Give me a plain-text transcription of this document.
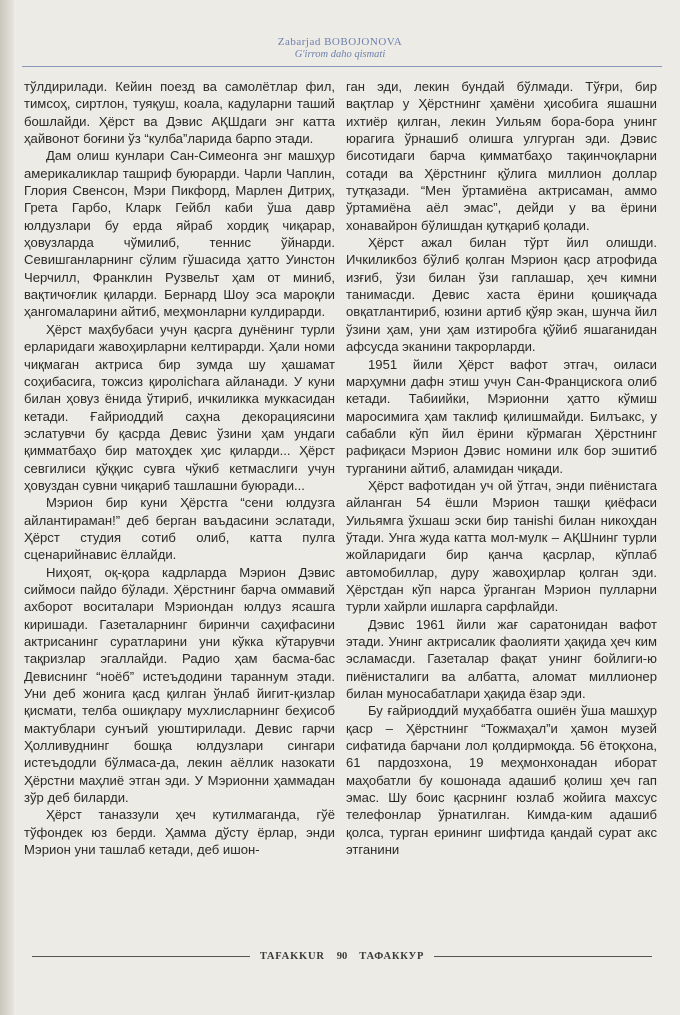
Zabarjad BOBOJONOVA
G'irrom daho qismati

тўлдирилади. Кейин поезд ва самолётлар фил, тимсоҳ, сиртлон, туяқуш, коала, кадуларни таший бошлайди. Ҳёрст ва Дэвис АҚШдаги энг катта ҳайвонот боғини ўз “кулба”ларида барпо этади.

Дам олиш кунлари Сан-Симеонга энг машҳур америкаликлар ташриф буюрарди. Чарли Чаплин, Глория Свенсон, Мэри Пикфорд, Марлен Дитриҳ, Грета Гарбо, Кларк Гейбл каби ўша давр юлдузлари бу ерда яйраб хордиқ чиқарар, ҳовузларда чўмилиб, теннис ўйнарди. Севишганларнинг сўлим гўшасида ҳатто Уинстон Черчилл, Франклин Рузвельт ҳам от миниб, вақтичоғлик қиларди. Бернард Шоу эса мароқли ҳангомаларини айтиб, меҳмонларни кулдирарди.

Ҳёрст маҳбубаси учун қасрга дунёнинг турли ерларидаги жавоҳирларни келтирарди. Ҳали номи чиқмаган актриса бир зумда шу ҳашамат соҳибасига, тожсиз қиролichaга айланади. У куни билан ҳовуз ёнида ўтириб, ичкиликка муккасидан кетади. Ғайриоддий саҳна декорациясини эслатувчи бу қасрда Девис ўзини ҳам ундаги қимматбаҳо бир матоҳдек ҳис қиларди... Ҳёрст севгилиси қўққис сувга чўкиб кетмаслиги учун ҳовуздан сувни чиқариб ташлашни буюради...

Мэрион бир куни Ҳёрстга “сени юлдузга айлантираман!” деб берган ваъдасини эслатади, Ҳёрст студия сотиб олиб, катта пулга сценарийнавис ёллайди.

Ниҳоят, оқ-қора кадрларда Мэрион Дэвис сиймоси пайдо бўлади. Ҳёрстнинг барча оммавий ахборот воситалари Мэриондан юлдуз ясашга киришади. Газеталарнинг биринчи саҳифасини актрисанинг суратларини уни кўкка кўтарувчи тақризлар эгаллайди. Радио ҳам басма-бас Девиснинг “ноёб” истеъдодини тараннум этади. Уни деб жонига қасд қилган ўнлаб йигит-қизлар қисмати, телба ошиқлару мухлисларнинг беҳисоб мактублари сунъий уюштирилади. Девис гарчи Ҳолливуднинг бошқа юлдузлари сингари истеъдодли бўлмаса-да, лекин аёллик назокати Ҳёрстни маҳлиё этган эди. У Мэрионни ҳаммадан зўр деб биларди.

Ҳёрст таназзули ҳеч кутилмаганда, гўё тўфондек юз берди. Ҳамма дўсту ёрлар, энди Мэрион уни ташлаб кетади, деб ишон-

ган эди, лекин бундай бўлмади. Тўғри, бир вақтлар у Ҳёрстнинг ҳамёни ҳисобига яшашни ихтиёр қилган, лекин Уильям бора-бора унинг юрагига ўрнашиб олишга улгурган эди. Дэвис бисотидаги барча қимматбаҳо тақинчоқларни сотади ва Ҳёрстнинг қўлига миллион доллар тутқазади. “Мен ўртамиёна актрисаман, аммо ўртамиёна аёл эмас”, дейди у ва ёрини хонавайрон бўлишдан қутқариб қолади.

Ҳёрст ажал билан тўрт йил олишди. Ичкиликбоз бўлиб қолган Мэрион қаср атрофида изғиб, ўзи билан ўзи гаплашар, ҳеч кимни танимасди. Девис хаста ёрини қошиқчада овқатлантириб, юзини артиб қўяр экан, шунча йил ўзини ҳам, уни ҳам изтиробга қўйиб яшаганидан афсусда эканини такрорларди.

1951 йили Ҳёрст вафот этгач, оиласи марҳумни дафн этиш учун Сан-Францискога олиб кетади. Табиийки, Мэрионни ҳатто кўмиш маросимига ҳам таклиф қилишмайди. Билъакс, у сабабли кўп йил ёрини кўрмаган Ҳёрстнинг рафиқаси Мэрион Дэвис номини илк бор эшитиб турганини айтиб, аламидан чиқади.

Ҳёрст вафотидан уч ой ўтгач, энди пиёнистага айланган 54 ёшли Мэрион ташқи қиёфаси Уильямга ўхшаш эски бир танishi билан никоҳдан ўтади. Унга жуда катта мол-мулк – АҚШнинг турли жойларидаги бир қанча қасрлар, кўплаб автомобиллар, дуру жавоҳирлар қолган эди. Ҳёрстдан кўп нарса ўрганган Мэрион пулларни турли хайрли ишларга сарфлайди.

Дэвис 1961 йили жағ саратонидан вафот этади. Унинг актрисалик фаолияти ҳақида ҳеч ким эсламасди. Газеталар фақат унинг бойлиги-ю пиёнисталиги ва албатта, аломат миллионер билан муносабатлари ҳақида ёзар эди.

Бу ғайриоддий муҳаббатга ошиён ўша машҳур қаср – Ҳёрстнинг “Тожмаҳал”и ҳамон музей сифатида барчани лол қолдирмоқда. 56 ётоқхона, 61 пардозхона, 19 меҳмонхонадан иборат маҳобатли бу кошонада адашиб қолиш ҳеч гап эмас. Шу боис қасрнинг юзлаб жойига махсус телефонлар ўрнатилган. Кимда-ким адашиб қолса, турган ерининг шифтида қандай сурат акс этганини

TAFAKKUR 90 ТАФАККУР
